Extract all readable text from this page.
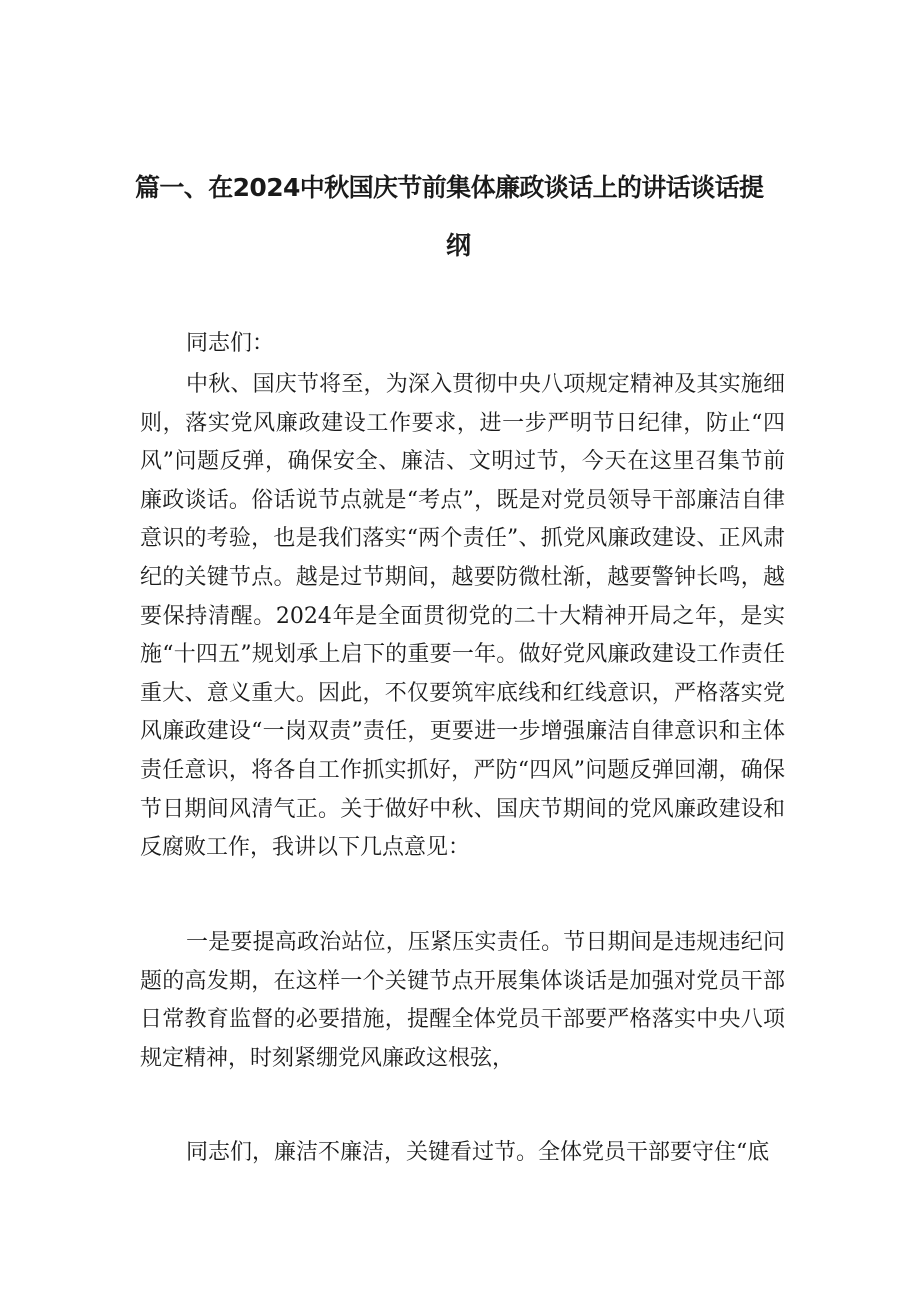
篇一、在2024中秋国庆节前集体廉政谈话上的讲话谈话提
纲

同志们：

中秋、国庆节将至，为深入贯彻中央八项规定精神及其实施细则，落实党风廉政建设工作要求，进一步严明节日纪律，防止“四风”问题反弹，确保安全、廉洁、文明过节，今天在这里召集节前廉政谈话。俗话说节点就是“考点”，既是对党员领导干部廉洁自律意识的考验，也是我们落实“两个责任”、抓党风廉政建设、正风肃纪的关键节点。越是过节期间，越要防微杜渐，越要警钟长鸣，越要保持清醒。2024年是全面贯彻党的二十大精神开局之年，是实施“十四五”规划承上启下的重要一年。做好党风廉政建设工作责任重大、意义重大。因此，不仅要筑牢底线和红线意识，严格落实党风廉政建设“一岗双责”责任，更要进一步增强廉洁自律意识和主体责任意识，将各自工作抓实抓好，严防“四风”问题反弹回潮，确保节日期间风清气正。关于做好中秋、国庆节期间的党风廉政建设和反腐败工作，我讲以下几点意见：

一是要提高政治站位，压紧压实责任。节日期间是违规违纪问题的高发期，在这样一个关键节点开展集体谈话是加强对党员干部日常教育监督的必要措施，提醒全体党员干部要严格落实中央八项规定精神，时刻紧绷党风廉政这根弦，

同志们，廉洁不廉洁，关键看过节。全体党员干部要守住“底
